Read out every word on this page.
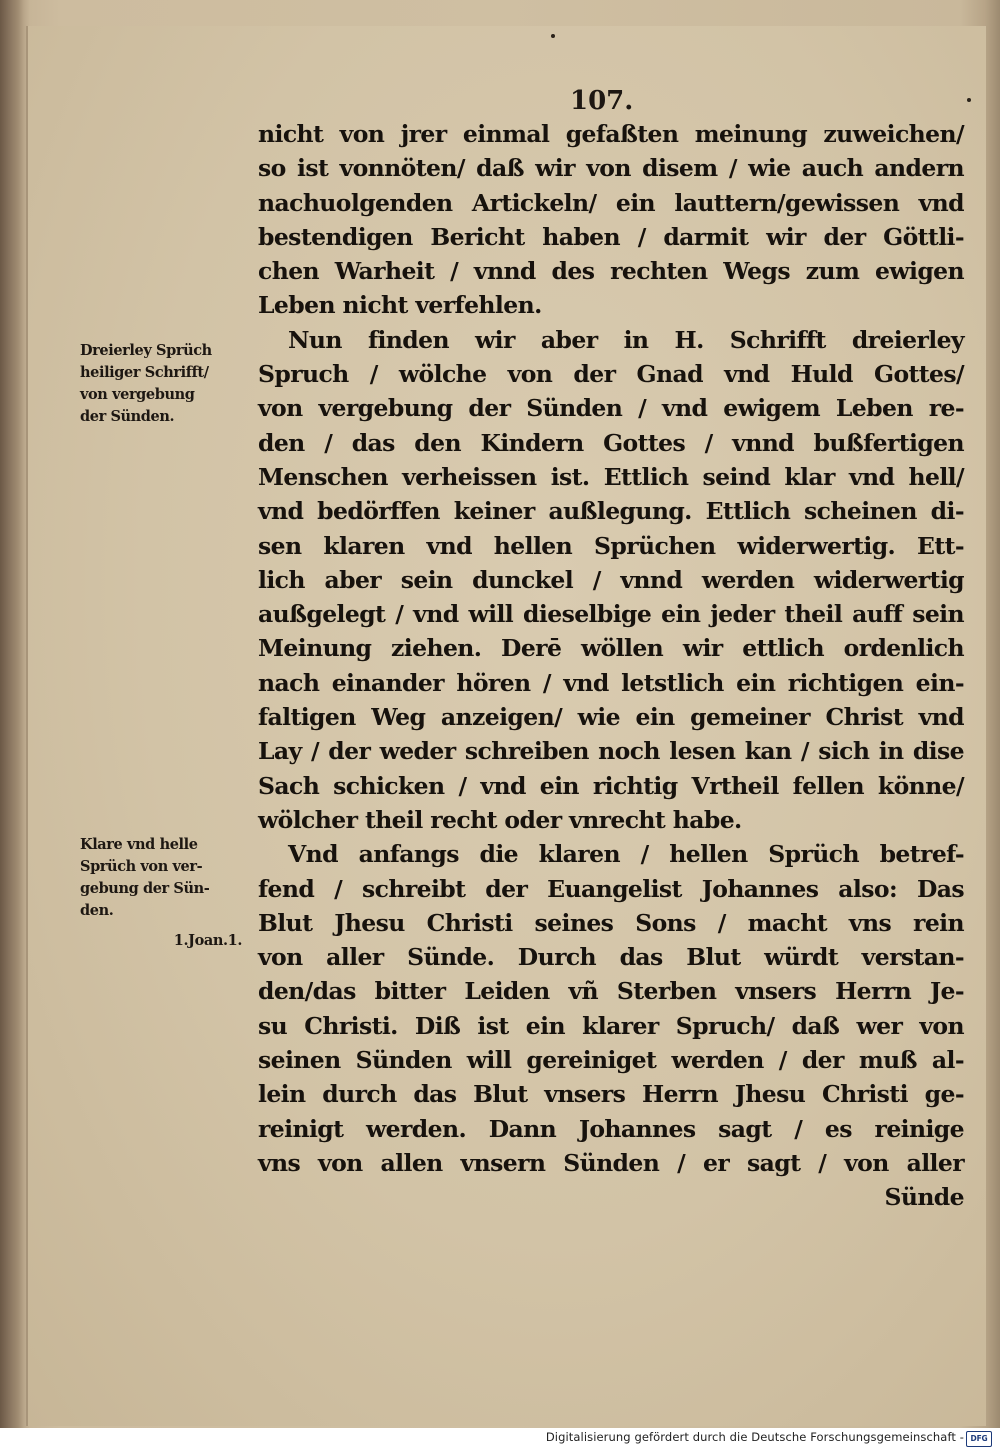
107.
nicht von jrer einmal gefaßten meinung zuweichen/
so ist vonnöten/ daß wir von disem / wie auch andern
nachuolgenden Artickeln/ ein lauttern/gewissen vnd
bestendigen Bericht haben / darmit wir der Göttli-
chen Warheit / vnnd des rechten Wegs zum ewigen
Leben nicht verfehlen.
Nun finden wir aber in H. Schrifft dreierley
Spruch / wölche von der Gnad vnd Huld Gottes/
von vergebung der Sünden / vnd ewigem Leben re-
den / das den Kindern Gottes / vnnd bußfertigen
Menschen verheissen ist. Ettlich seind klar vnd hell/
vnd bedörffen keiner außlegung. Ettlich scheinen di-
sen klaren vnd hellen Sprüchen widerwertig. Ett-
lich aber sein dunckel / vnnd werden widerwertig
außgelegt / vnd will dieselbige ein jeder theil auff sein
Meinung ziehen. Derē wöllen wir ettlich ordenlich
nach einander hören / vnd letstlich ein richtigen ein-
faltigen Weg anzeigen/ wie ein gemeiner Christ vnd
Lay / der weder schreiben noch lesen kan / sich in dise
Sach schicken / vnd ein richtig Vrtheil fellen könne/
wölcher theil recht oder vnrecht habe.
Vnd anfangs die klaren / hellen Sprüch betref-
fend / schreibt der Euangelist Johannes also: Das
Blut Jhesu Christi seines Sons / macht vns rein
von aller Sünde. Durch das Blut würdt verstan-
den/das bitter Leiden vñ Sterben vnsers Herrn Je-
su Christi. Diß ist ein klarer Spruch/ daß wer von
seinen Sünden will gereiniget werden / der muß al-
lein durch das Blut vnsers Herrn Jhesu Christi ge-
reinigt werden. Dann Johannes sagt / es reinige
vns von allen vnsern Sünden / er sagt / von aller
Sünde
Dreierley Sprüch
heiliger Schrifft/
von vergebung
der Sünden.
Klare vnd helle
Sprüch von ver-
gebung der Sün-
den.
1.Joan.1.
Digitalisierung gefördert durch die Deutsche Forschungsgemeinschaft - DFG
